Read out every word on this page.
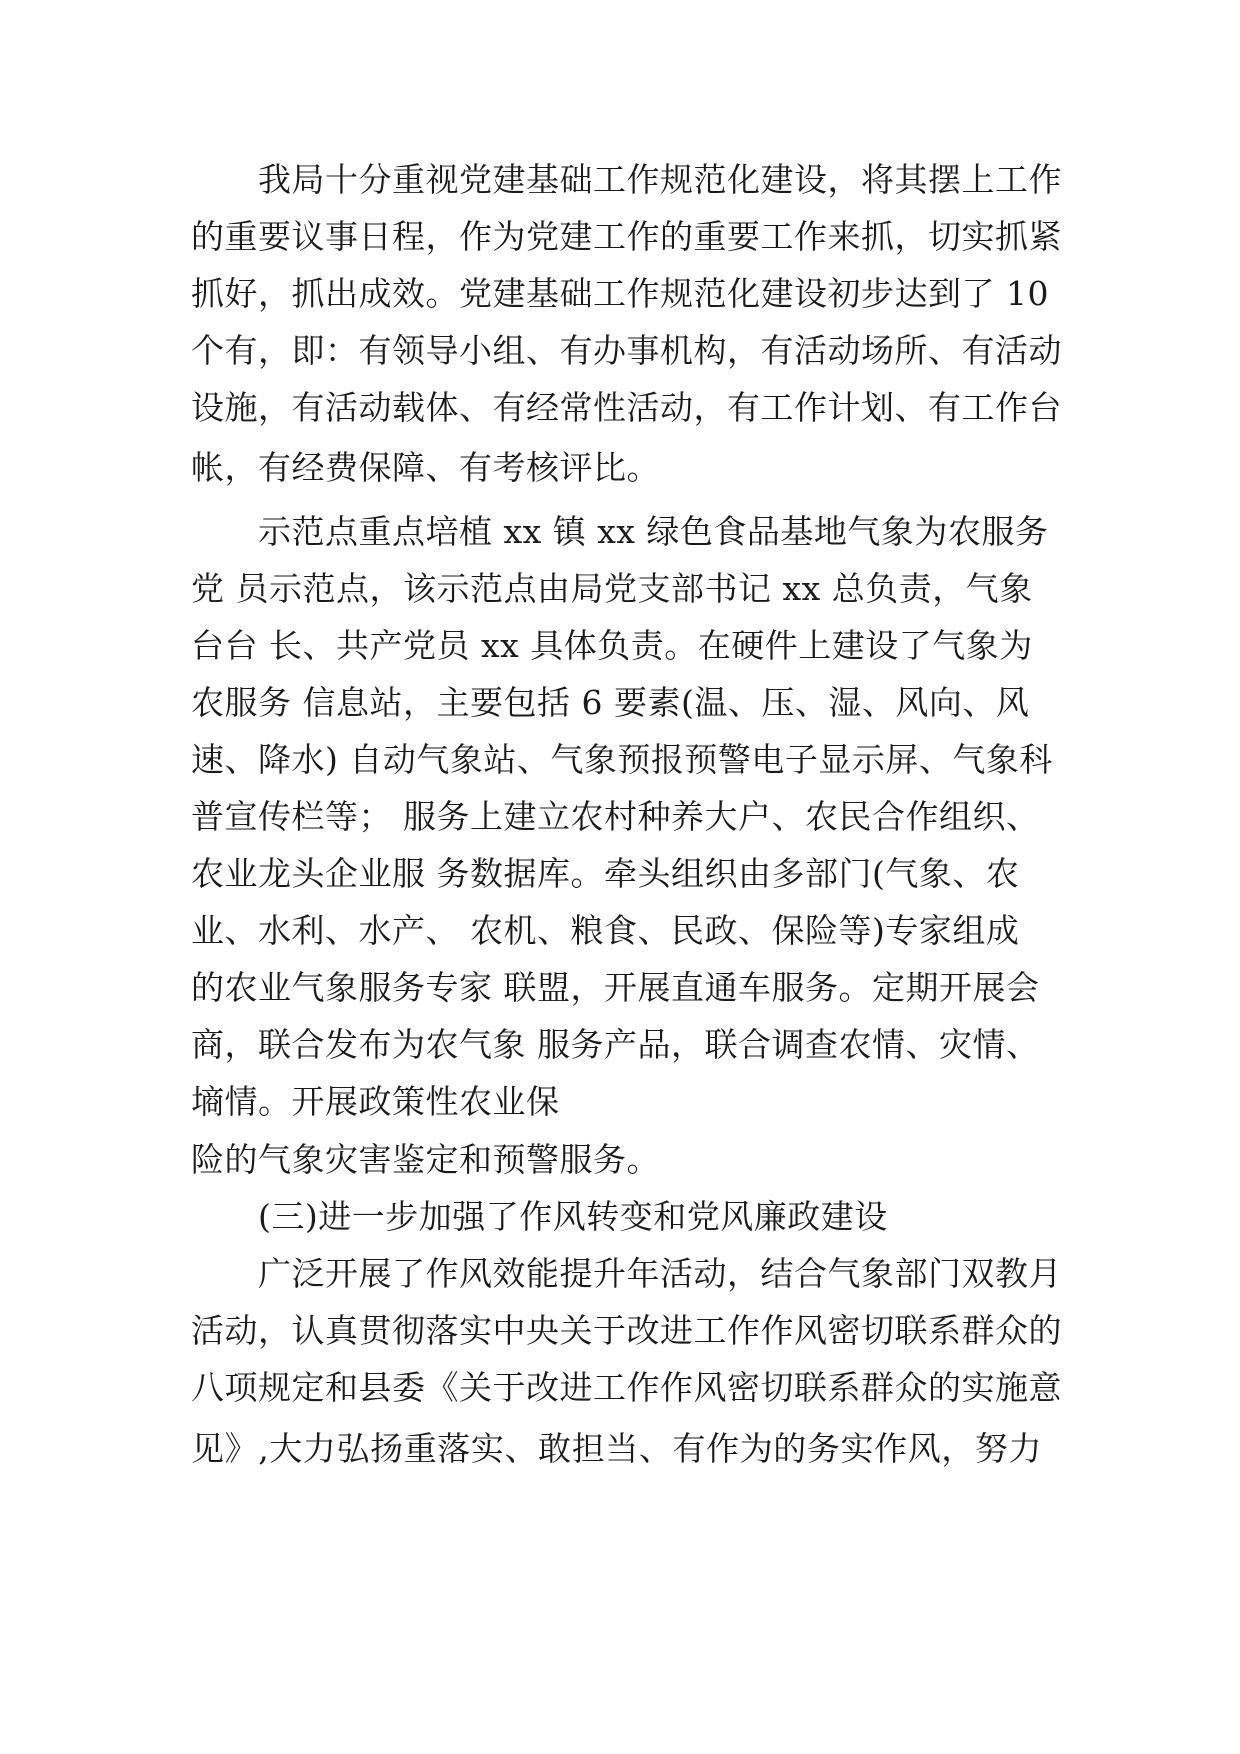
我局十分重视党建基础工作规范化建设，将其摆上工作
的重要议事日程，作为党建工作的重要工作来抓，切实抓紧
抓好，抓出成效。党建基础工作规范化建设初步达到了 10
个有，即：有领导小组、有办事机构，有活动场所、有活动
设施，有活动载体、有经常性活动，有工作计划、有工作台
帐，有经费保障、有考核评比。
示范点重点培植 xx 镇 xx 绿色食品基地气象为农服务
党 员示范点，该示范点由局党支部书记 xx 总负责，气象
台台 长、共产党员 xx 具体负责。在硬件上建设了气象为
农服务 信息站，主要包括 6 要素(温、压、湿、风向、风
速、降水) 自动气象站、气象预报预警电子显示屏、气象科
普宣传栏等； 服务上建立农村种养大户、农民合作组织、
农业龙头企业服 务数据库。牵头组织由多部门(气象、农
业、水利、水产、 农机、粮食、民政、保险等)专家组成
的农业气象服务专家 联盟，开展直通车服务。定期开展会
商，联合发布为农气象 服务产品，联合调查农情、灾情、
墒情。开展政策性农业保
险的气象灾害鉴定和预警服务。
(三)进一步加强了作风转变和党风廉政建设
广泛开展了作风效能提升年活动，结合气象部门双教月
活动，认真贯彻落实中央关于改进工作作风密切联系群众的
八项规定和县委《关于改进工作作风密切联系群众的实施意
见》,大力弘扬重落实、敢担当、有作为的务实作风，努力
